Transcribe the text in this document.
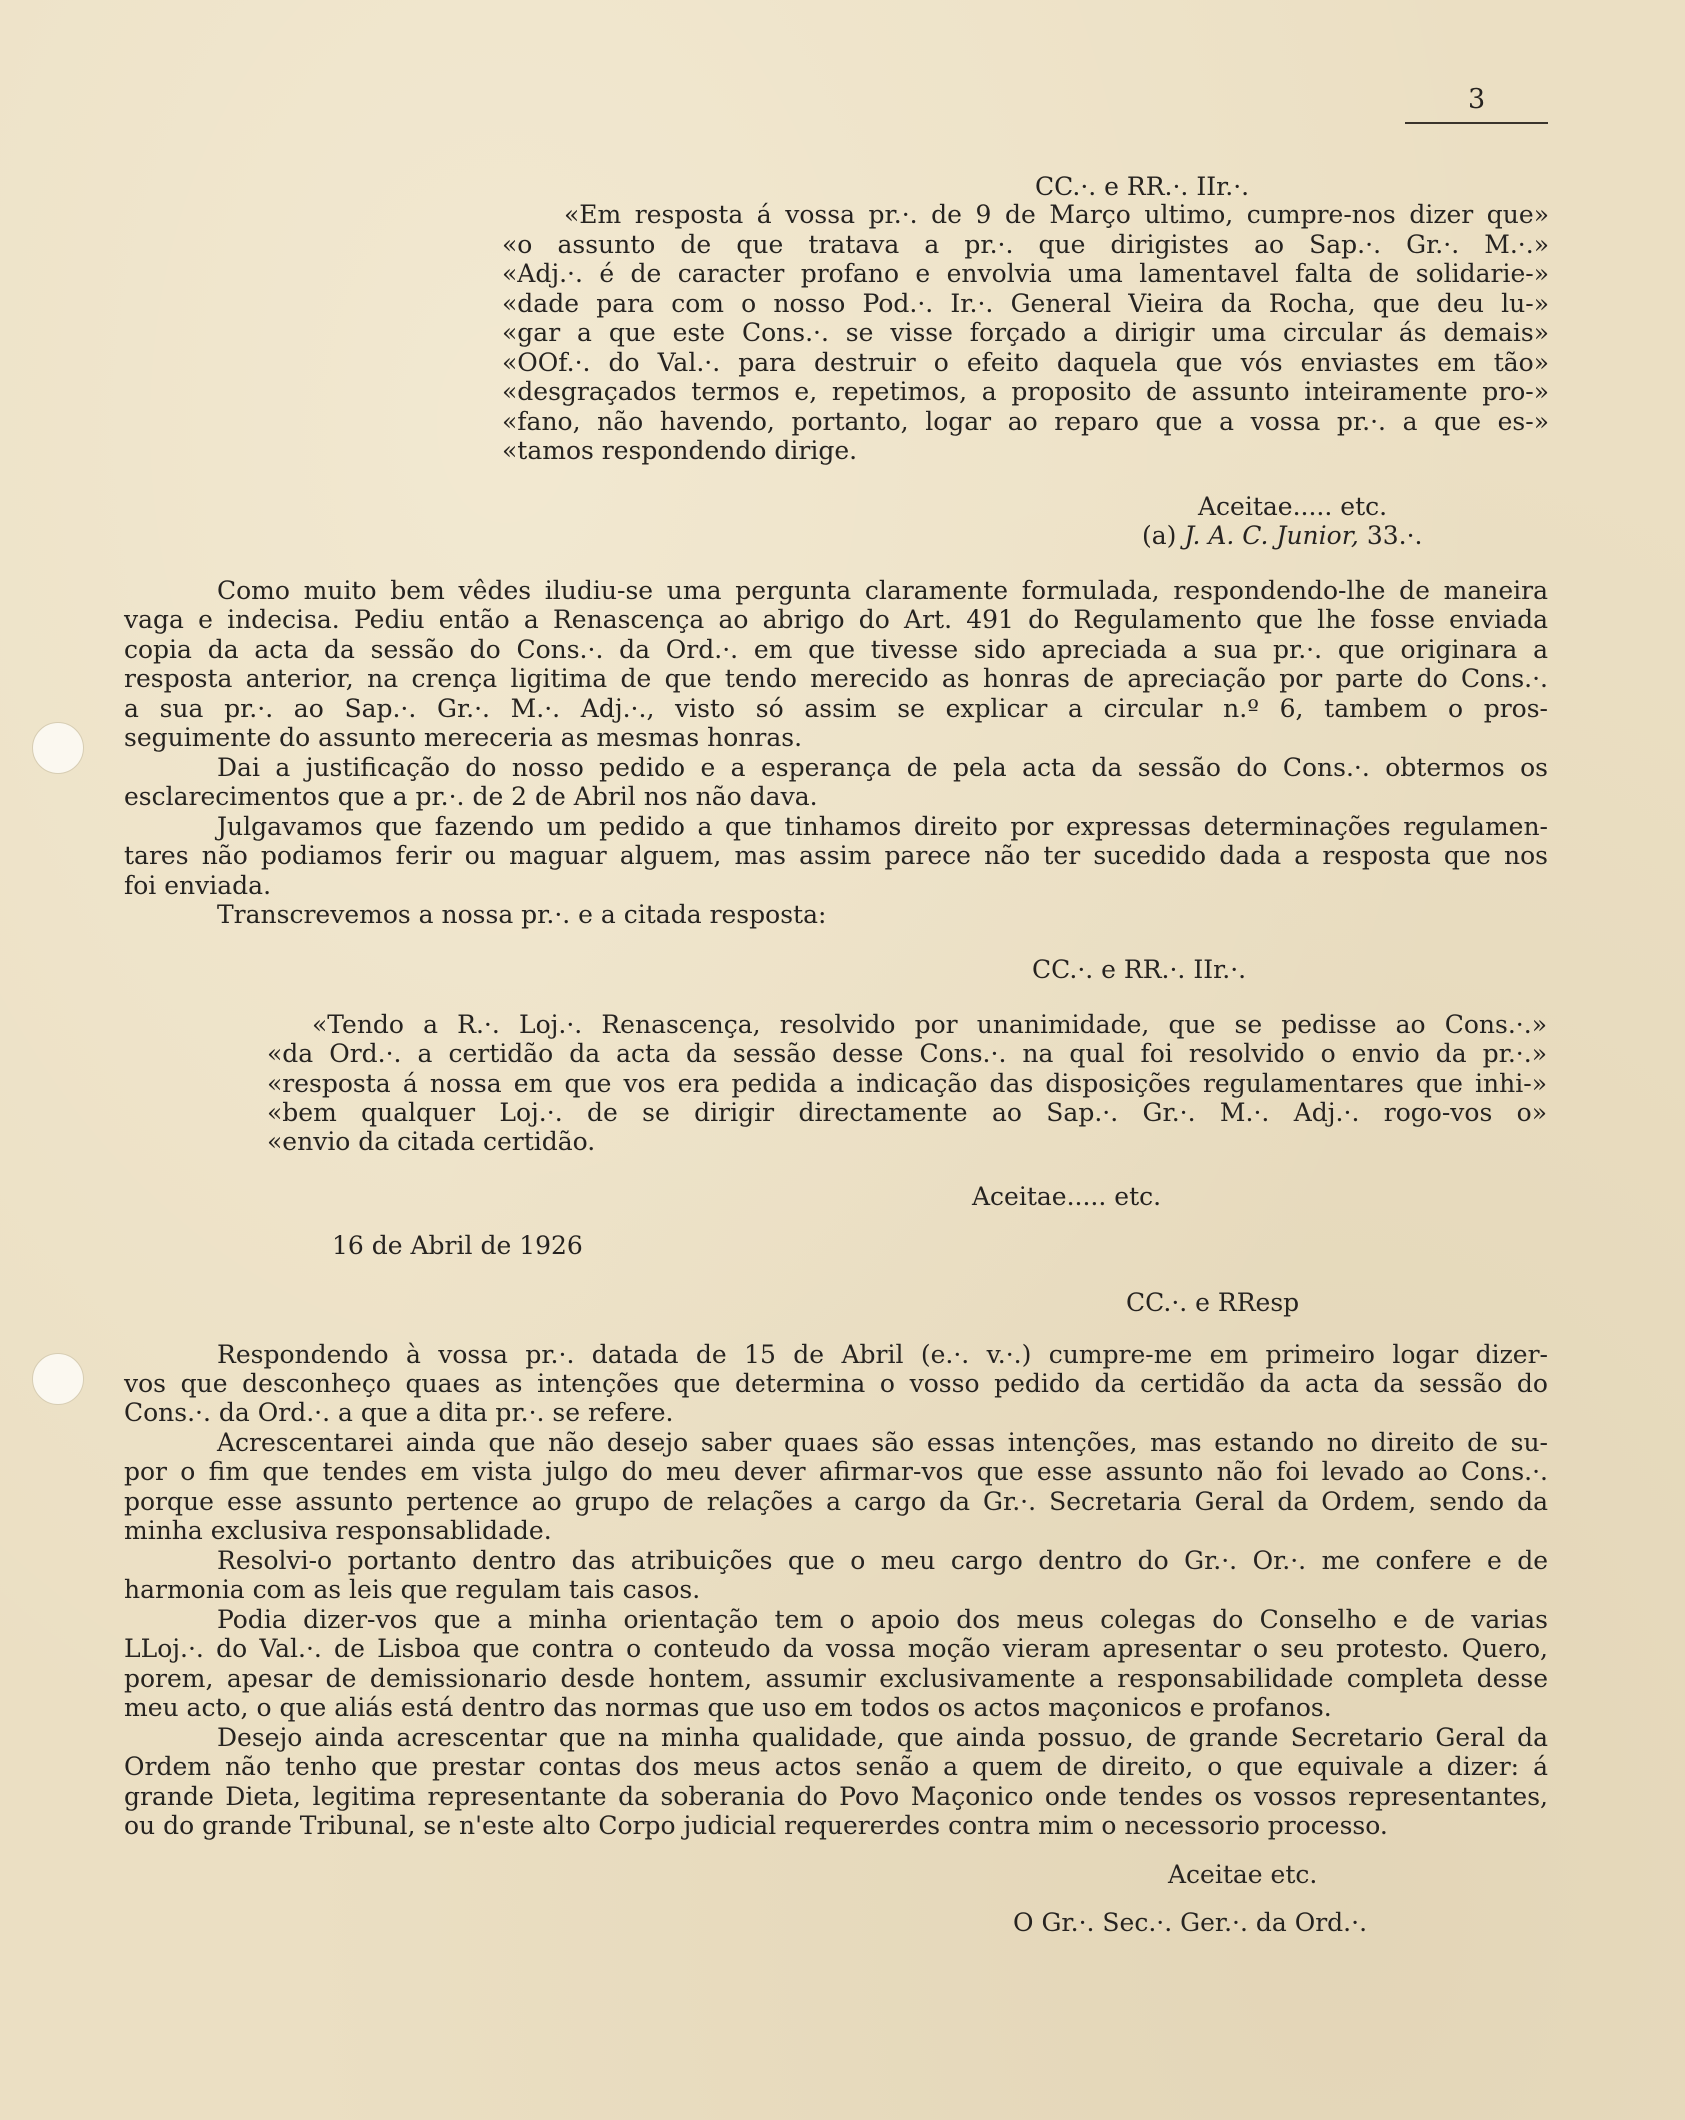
3
CC.·. e RR.·. IIr.·.
«Em resposta á vossa pr.·. de 9 de Março ultimo, cumpre-nos dizer que»
«o assunto de que tratava a pr.·. que dirigistes ao Sap.·. Gr.·. M.·.»
«Adj.·. é de caracter profano e envolvia uma lamentavel falta de solidarie-»
«dade para com o nosso Pod.·. Ir.·. General Vieira da Rocha, que deu lu-»
«gar a que este Cons.·. se visse forçado a dirigir uma circular ás demais»
«OOf.·. do Val.·. para destruir o efeito daquela que vós enviastes em tão»
«desgraçados termos e, repetimos, a proposito de assunto inteiramente pro-»
«fano, não havendo, portanto, logar ao reparo que a vossa pr.·. a que es-»
«tamos respondendo dirige.
Aceitae..... etc.
(a) J. A. C. Junior, 33.·.
Como muito bem vêdes iludiu-se uma pergunta claramente formulada, respondendo-lhe de maneira
vaga e indecisa. Pediu então a Renascença ao abrigo do Art. 491 do Regulamento que lhe fosse enviada
copia da acta da sessão do Cons.·. da Ord.·. em que tivesse sido apreciada a sua pr.·. que originara a
resposta anterior, na crença ligitima de que tendo merecido as honras de apreciação por parte do Cons.·.
a sua pr.·. ao Sap.·. Gr.·. M.·. Adj.·., visto só assim se explicar a circular n.º 6, tambem o pros-
seguimente do assunto mereceria as mesmas honras.
Dai a justificação do nosso pedido e a esperança de pela acta da sessão do Cons.·. obtermos os
esclarecimentos que a pr.·. de 2 de Abril nos não dava.
Julgavamos que fazendo um pedido a que tinhamos direito por expressas determinações regulamen-
tares não podiamos ferir ou maguar alguem, mas assim parece não ter sucedido dada a resposta que nos
foi enviada.
Transcrevemos a nossa pr.·. e a citada resposta:
CC.·. e RR.·. IIr.·.
«Tendo a R.·. Loj.·. Renascença, resolvido por unanimidade, que se pedisse ao Cons.·.»
«da Ord.·. a certidão da acta da sessão desse Cons.·. na qual foi resolvido o envio da pr.·.»
«resposta á nossa em que vos era pedida a indicação das disposições regulamentares que inhi-»
«bem qualquer Loj.·. de se dirigir directamente ao Sap.·. Gr.·. M.·. Adj.·. rogo-vos o»
«envio da citada certidão.
Aceitae..... etc.
16 de Abril de 1926
CC.·. e RResp
Respondendo à vossa pr.·. datada de 15 de Abril (e.·. v.·.) cumpre-me em primeiro logar dizer-
vos que desconheço quaes as intenções que determina o vosso pedido da certidão da acta da sessão do
Cons.·. da Ord.·. a que a dita pr.·. se refere.
Acrescentarei ainda que não desejo saber quaes são essas intenções, mas estando no direito de su-
por o fim que tendes em vista julgo do meu dever afirmar-vos que esse assunto não foi levado ao Cons.·.
porque esse assunto pertence ao grupo de relações a cargo da Gr.·. Secretaria Geral da Ordem, sendo da
minha exclusiva responsablidade.
Resolvi-o portanto dentro das atribuições que o meu cargo dentro do Gr.·. Or.·. me confere e de
harmonia com as leis que regulam tais casos.
Podia dizer-vos que a minha orientação tem o apoio dos meus colegas do Conselho e de varias
LLoj.·. do Val.·. de Lisboa que contra o conteudo da vossa moção vieram apresentar o seu protesto. Quero,
porem, apesar de demissionario desde hontem, assumir exclusivamente a responsabilidade completa desse
meu acto, o que aliás está dentro das normas que uso em todos os actos maçonicos e profanos.
Desejo ainda acrescentar que na minha qualidade, que ainda possuo, de grande Secretario Geral da
Ordem não tenho que prestar contas dos meus actos senão a quem de direito, o que equivale a dizer: á
grande Dieta, legitima representante da soberania do Povo Maçonico onde tendes os vossos representantes,
ou do grande Tribunal, se n'este alto Corpo judicial requererdes contra mim o necessorio processo.
Aceitae etc.
O Gr.·. Sec.·. Ger.·. da Ord.·.
